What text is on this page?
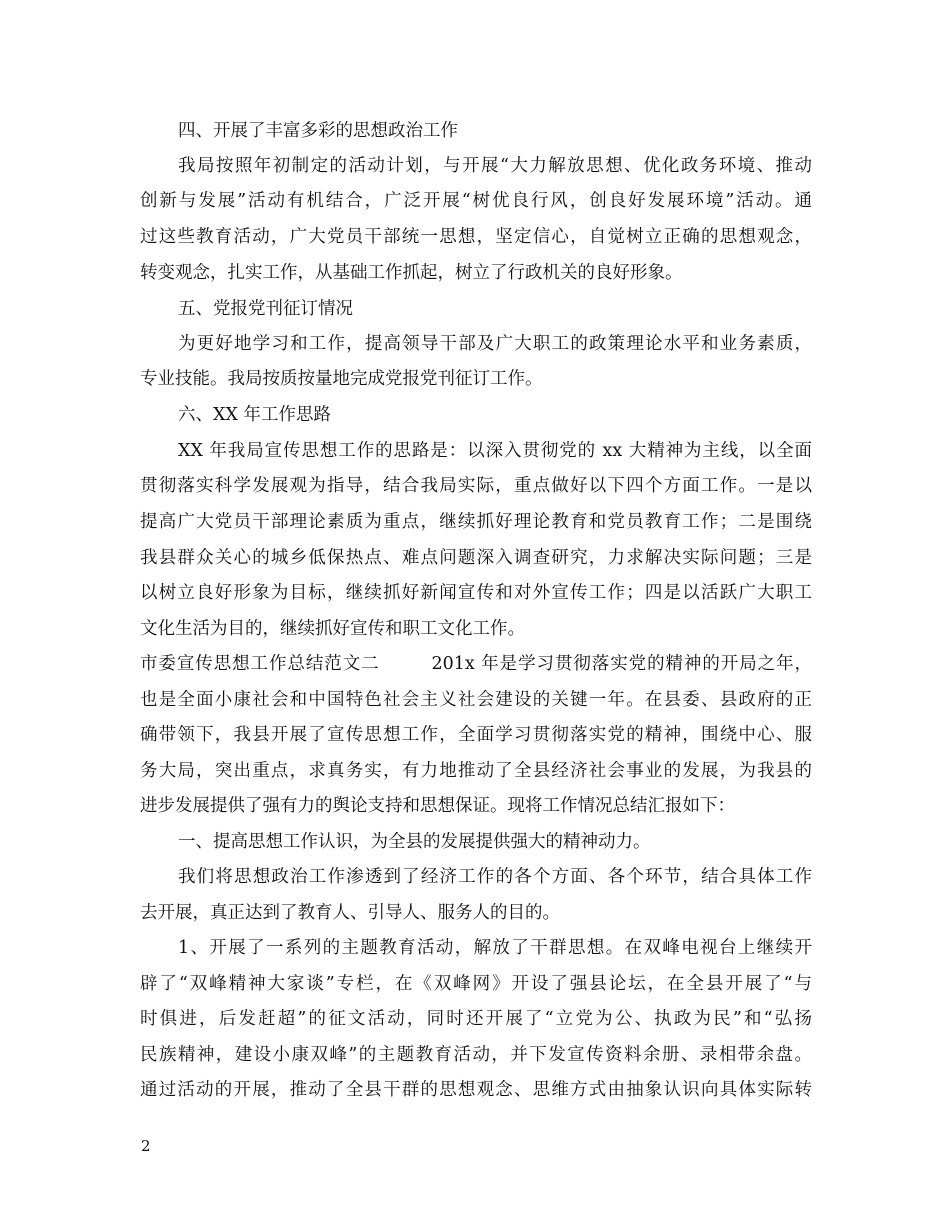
四、开展了丰富多彩的思想政治工作
我局按照年初制定的活动计划，与开展“大力解放思想、优化政务环境、推动
创新与发展”活动有机结合，广泛开展“树优良行风，创良好发展环境”活动。通
过这些教育活动，广大党员干部统一思想，坚定信心，自觉树立正确的思想观念，
转变观念，扎实工作，从基础工作抓起，树立了行政机关的良好形象。
五、党报党刊征订情况
为更好地学习和工作，提高领导干部及广大职工的政策理论水平和业务素质，
专业技能。我局按质按量地完成党报党刊征订工作。
六、XX 年工作思路
XX 年我局宣传思想工作的思路是：以深入贯彻党的 xx 大精神为主线，以全面
贯彻落实科学发展观为指导，结合我局实际，重点做好以下四个方面工作。一是以
提高广大党员干部理论素质为重点，继续抓好理论教育和党员教育工作；二是围绕
我县群众关心的城乡低保热点、难点问题深入调查研究，力求解决实际问题；三是
以树立良好形象为目标，继续抓好新闻宣传和对外宣传工作；四是以活跃广大职工
文化生活为目的，继续抓好宣传和职工文化工作。
市委宣传思想工作总结范文二        201x 年是学习贯彻落实党的精神的开局之年，
也是全面小康社会和中国特色社会主义社会建设的关键一年。在县委、县政府的正
确带领下，我县开展了宣传思想工作，全面学习贯彻落实党的精神，围绕中心、服
务大局，突出重点，求真务实，有力地推动了全县经济社会事业的发展，为我县的
进步发展提供了强有力的舆论支持和思想保证。现将工作情况总结汇报如下：
一、提高思想工作认识，为全县的发展提供强大的精神动力。
我们将思想政治工作渗透到了经济工作的各个方面、各个环节，结合具体工作
去开展，真正达到了教育人、引导人、服务人的目的。
1、开展了一系列的主题教育活动，解放了干群思想。在双峰电视台上继续开
辟了“双峰精神大家谈”专栏，在《双峰网》开设了强县论坛，在全县开展了“与
时俱进，后发赶超”的征文活动，同时还开展了“立党为公、执政为民”和“弘扬
民族精神，建设小康双峰”的主题教育活动，并下发宣传资料余册、录相带余盘。
通过活动的开展，推动了全县干群的思想观念、思维方式由抽象认识向具体实际转
2
